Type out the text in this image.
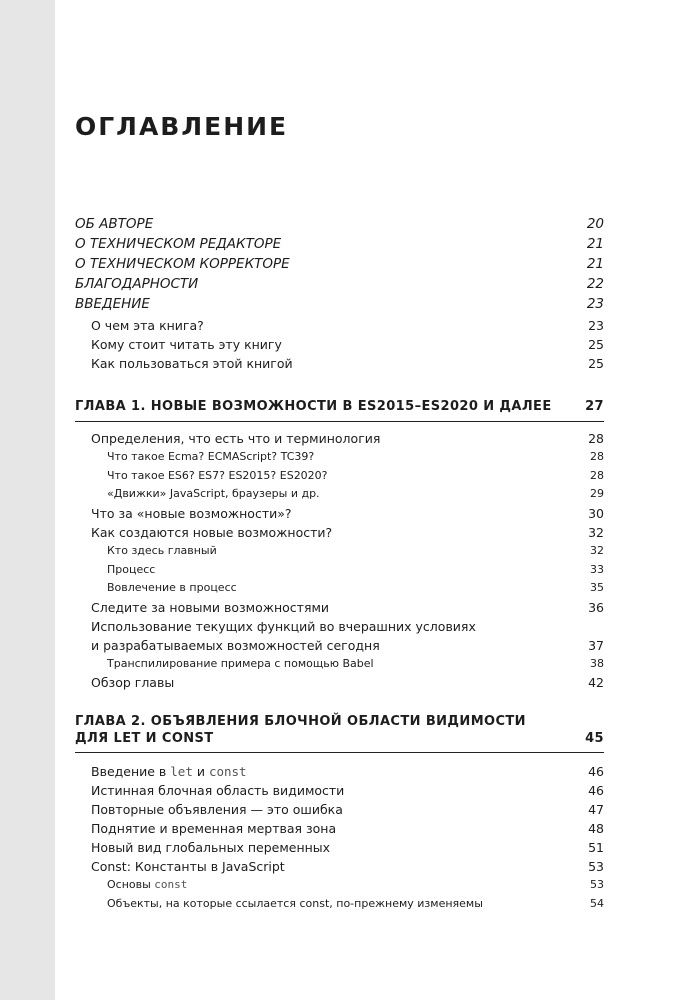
ОГЛАВЛЕНИЕ
ОБ АВТОРЕ	20
О ТЕХНИЧЕСКОМ РЕДАКТОРЕ	21
О ТЕХНИЧЕСКОМ КОРРЕКТОРЕ	21
БЛАГОДАРНОСТИ	22
ВВЕДЕНИЕ	23
О чем эта книга?	23
Кому стоит читать эту книгу	25
Как пользоваться этой книгой	25
ГЛАВА 1. НОВЫЕ ВОЗМОЖНОСТИ В ES2015–ES2020 И ДАЛЕЕ	27
Определения, что есть что и терминология	28
Что такое Ecma? ECMAScript? TC39?	28
Что такое ES6? ES7? ES2015? ES2020?	28
«Движки» JavaScript, браузеры и др.	29
Что за «новые возможности»?	30
Как создаются новые возможности?	32
Кто здесь главный	32
Процесс	33
Вовлечение в процесс	35
Следите за новыми возможностями	36
Использование текущих функций во вчерашних условиях
и разрабатываемых возможностей сегодня	37
Транспилирование примера с помощью Babel	38
Обзор главы	42
ГЛАВА 2. ОБЪЯВЛЕНИЯ БЛОЧНОЙ ОБЛАСТИ ВИДИМОСТИ
ДЛЯ LET И CONST	45
Введение в let и const	46
Истинная блочная область видимости	46
Повторные объявления — это ошибка	47
Поднятие и временная мертвая зона	48
Новый вид глобальных переменных	51
Const: Константы в JavaScript	53
Основы const	53
Объекты, на которые ссылается const, по-прежнему изменяемы	54
